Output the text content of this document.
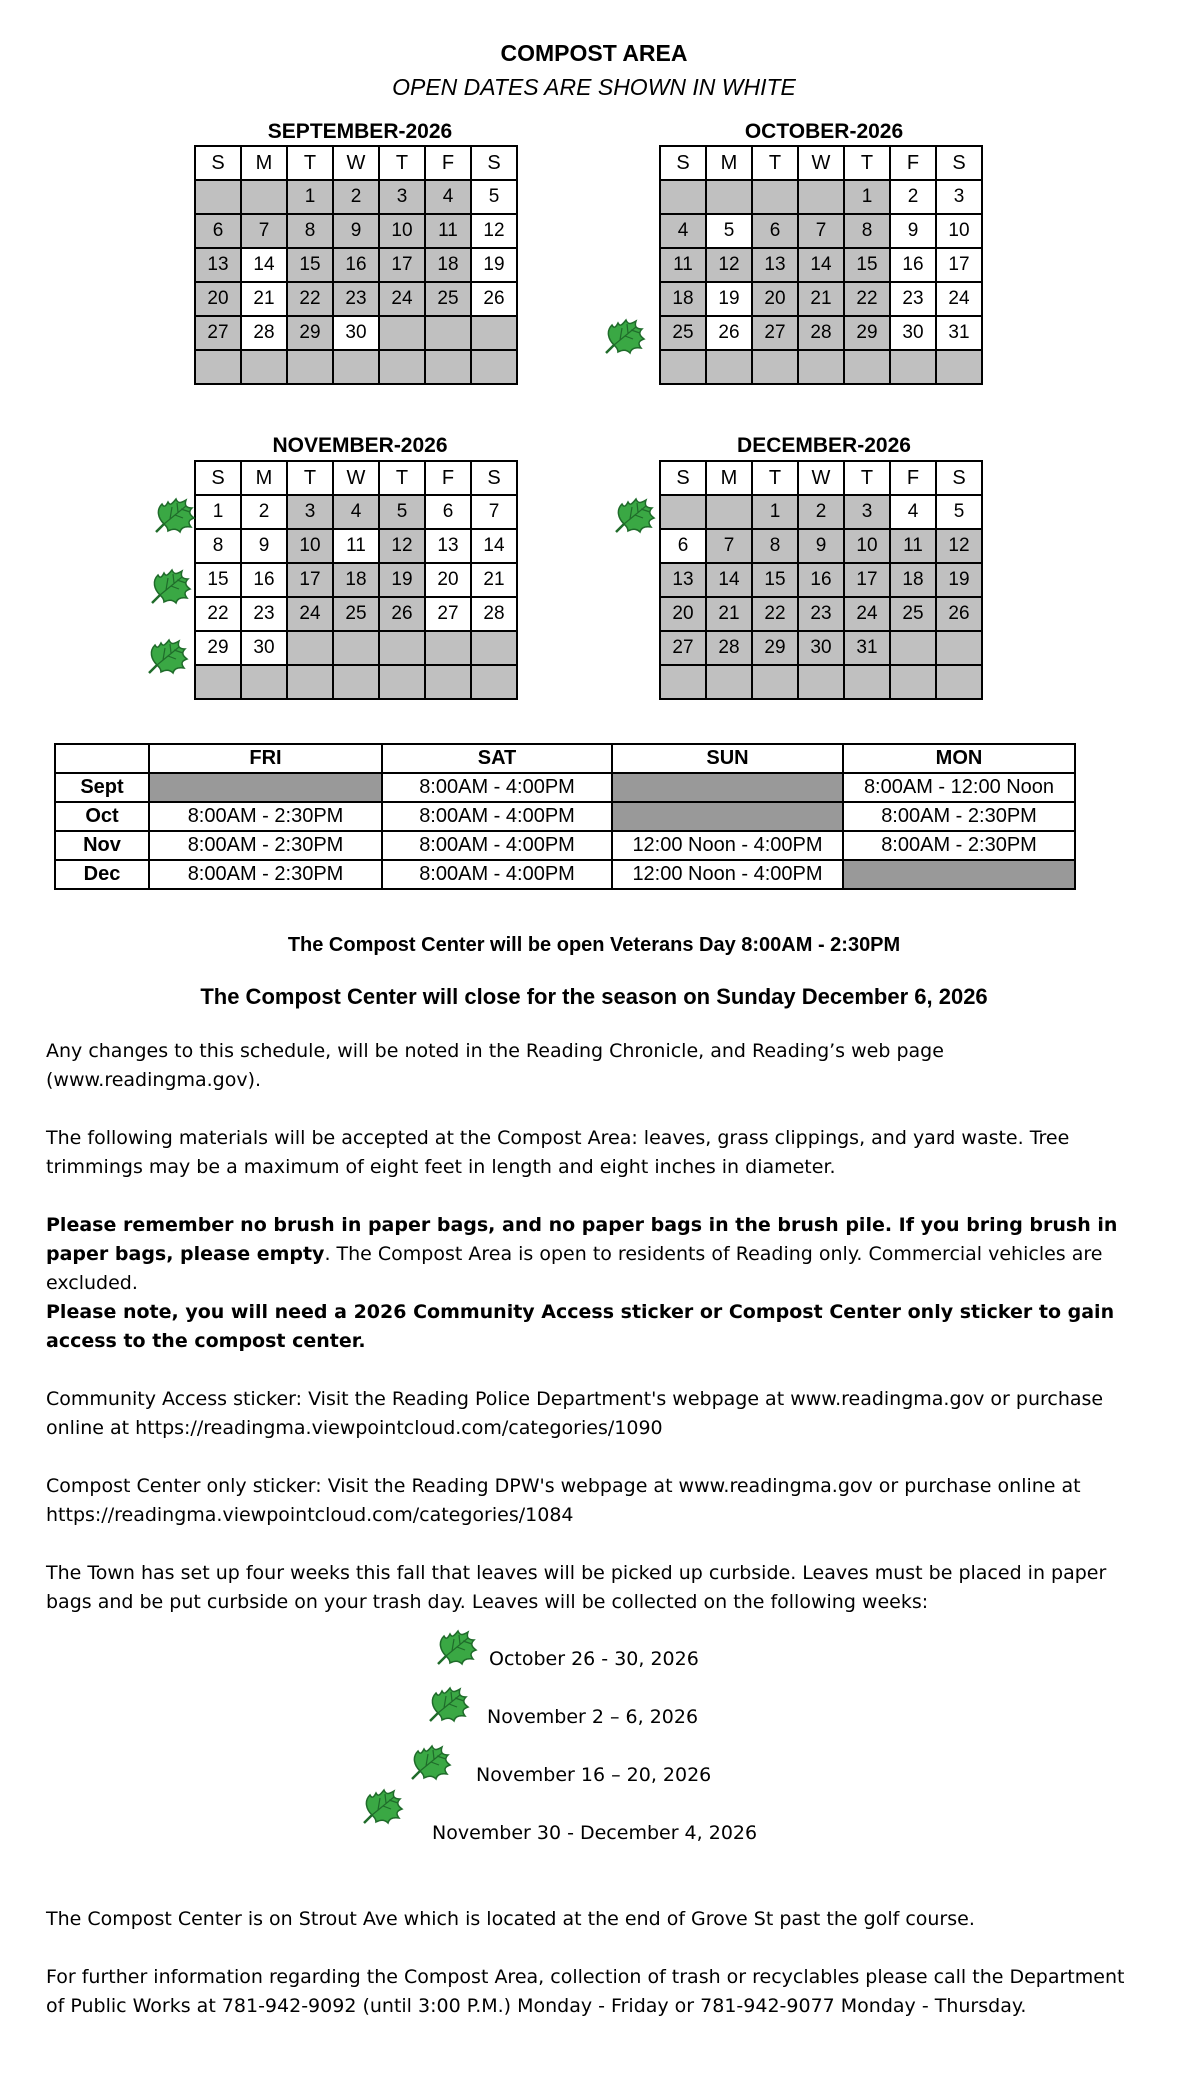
COMPOST AREA
OPEN DATES ARE SHOWN IN WHITE
SEPTEMBER-2026	OCTOBER-2026
NOVEMBER-2026	DECEMBER-2026
S	M	T	W	T	F	S
		1	2	3	4	5
6	7	8	9	10	11	12
13	14	15	16	17	18	19
20	21	22	23	24	25	26
27	28	29	30			

S	M	T	W	T	F	S
				1	2	3
4	5	6	7	8	9	10
11	12	13	14	15	16	17
18	19	20	21	22	23	24
25	26	27	28	29	30	31

S	M	T	W	T	F	S
1	2	3	4	5	6	7
8	9	10	11	12	13	14
15	16	17	18	19	20	21
22	23	24	25	26	27	28
29	30					

S	M	T	W	T	F	S
		1	2	3	4	5
6	7	8	9	10	11	12
13	14	15	16	17	18	19
20	21	22	23	24	25	26
27	28	29	30	31		

	FRI	SAT	SUN	MON
Sept		8:00AM - 4:00PM		8:00AM - 12:00 Noon
Oct	8:00AM - 2:30PM	8:00AM - 4:00PM		8:00AM - 2:30PM
Nov	8:00AM - 2:30PM	8:00AM - 4:00PM	12:00 Noon - 4:00PM	8:00AM - 2:30PM
Dec	8:00AM - 2:30PM	8:00AM - 4:00PM	12:00 Noon - 4:00PM	
The Compost Center will be open Veterans Day 8:00AM - 2:30PM
The Compost Center will close for the season on Sunday December 6, 2026
Any changes to this schedule, will be noted in the Reading Chronicle, and Reading’s web page (www.readingma.gov).
The following materials will be accepted at the Compost Area: leaves, grass clippings, and yard waste. Tree trimmings may be a maximum of eight feet in length and eight inches in diameter.
Please remember no brush in paper bags, and no paper bags in the brush pile. If you bring brush in paper bags, please empty. The Compost Area is open to residents of Reading only. Commercial vehicles are excluded.
Please note, you will need a 2026 Community Access sticker or Compost Center only sticker to gain access to the compost center.
Community Access sticker: Visit the Reading Police Department's webpage at www.readingma.gov or purchase online at https://readingma.viewpointcloud.com/categories/1090
Compost Center only sticker: Visit the Reading DPW's webpage at www.readingma.gov or purchase online at https://readingma.viewpointcloud.com/categories/1084
The Town has set up four weeks this fall that leaves will be picked up curbside. Leaves must be placed in paper bags and be put curbside on your trash day. Leaves will be collected on the following weeks:
October 26 - 30, 2026
November 2 – 6, 2026
November 16 – 20, 2026
November 30 - December 4, 2026
The Compost Center is on Strout Ave which is located at the end of Grove St past the golf course.
For further information regarding the Compost Area, collection of trash or recyclables please call the Department of Public Works at 781-942-9092 (until 3:00 P.M.) Monday - Friday or 781-942-9077 Monday - Thursday.
